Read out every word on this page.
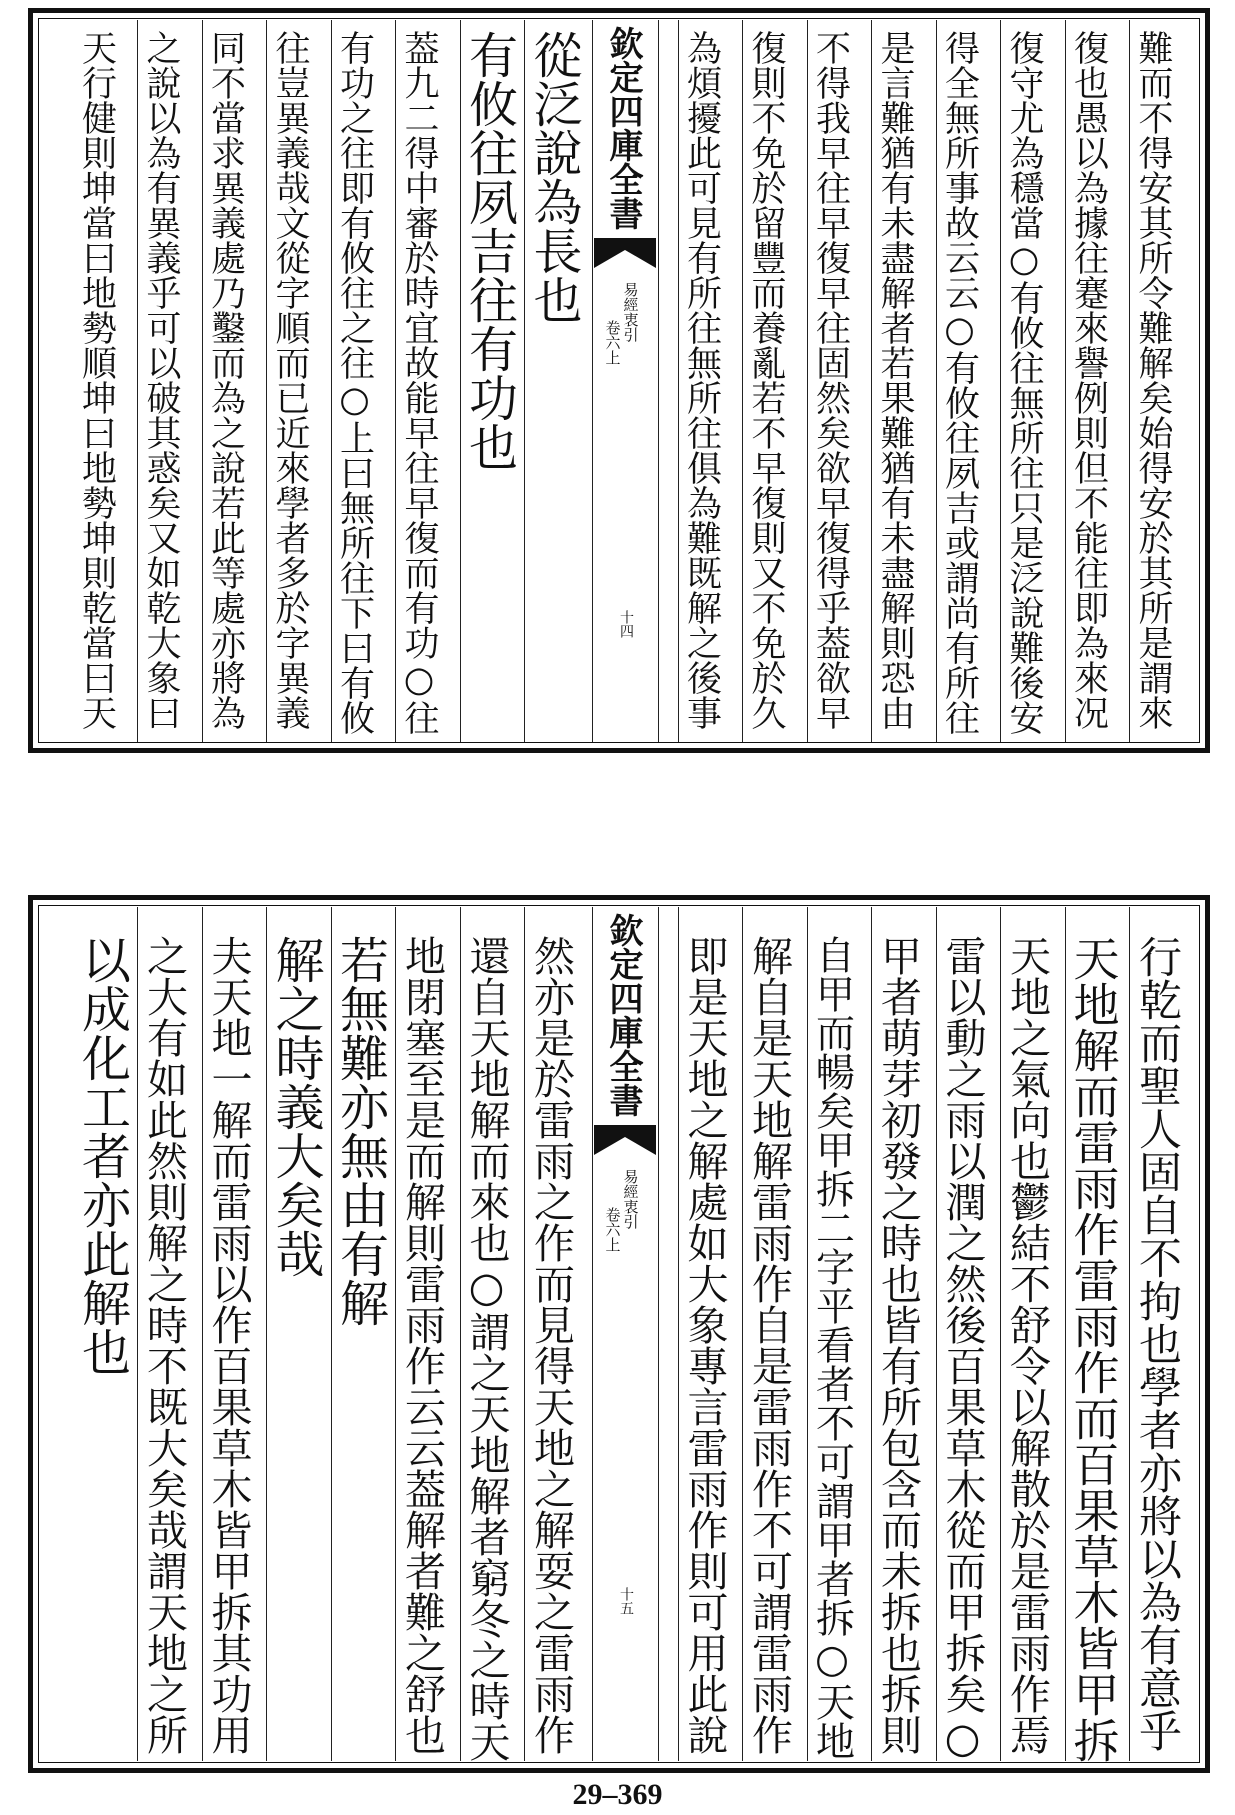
難而不得安其所令難解矣始得安於其所是謂來
復也愚以為據往蹇來譽例則但不能往即為來况
復守尤為穩當○有攸往無所往只是泛說難後安
得全無所事故云云○有攸往夙吉或謂尚有所往
是言難猶有未盡解者若果難猶有未盡解則恐由
不得我早往早復早往固然矣欲早復得乎葢欲早
復則不免於留豐而養亂若不早復則又不免於久
為煩擾此可見有所往無所往俱為難既解之後事
從泛說為長也
有攸往夙吉往有功也
葢九二得中審於時宜故能早往早復而有功○往
有功之往即有攸往之往○上曰無所往下曰有攸
往豈異義哉文從字順而已近來學者多於字異義
同不當求異義處乃鑿而為之說若此等處亦將為
之說以為有異義乎可以破其惑矣又如乾大象曰
天行健則坤當曰地勢順坤曰地勢坤則乾當曰天	欽定四庫全書
易經衷引
卷六上
十四
行乾而聖人固自不拘也學者亦將以為有意乎
天地解而雷雨作雷雨作而百果草木皆甲拆
天地之氣向也鬱結不舒令以解散於是雷雨作焉
雷以動之雨以潤之然後百果草木從而甲拆矣○
甲者萌芽初發之時也皆有所包含而未拆也拆則
自甲而暢矣甲拆二字平看者不可謂甲者拆○天地
解自是天地解雷雨作自是雷雨作不可謂雷雨作
即是天地之解處如大象專言雷雨作則可用此說
然亦是於雷雨之作而見得天地之解耍之雷雨作
還自天地解而來也○謂之天地解者窮冬之時天
地閉塞至是而解則雷雨作云云葢解者難之舒也
若無難亦無由有解
解之時義大矣哉
夫天地一解而雷雨以作百果草木皆甲拆其功用
之大有如此然則解之時不既大矣哉謂天地之所
以成化工者亦此解也	欽定四庫全書
易經衷引
卷六上
十五
29–369
